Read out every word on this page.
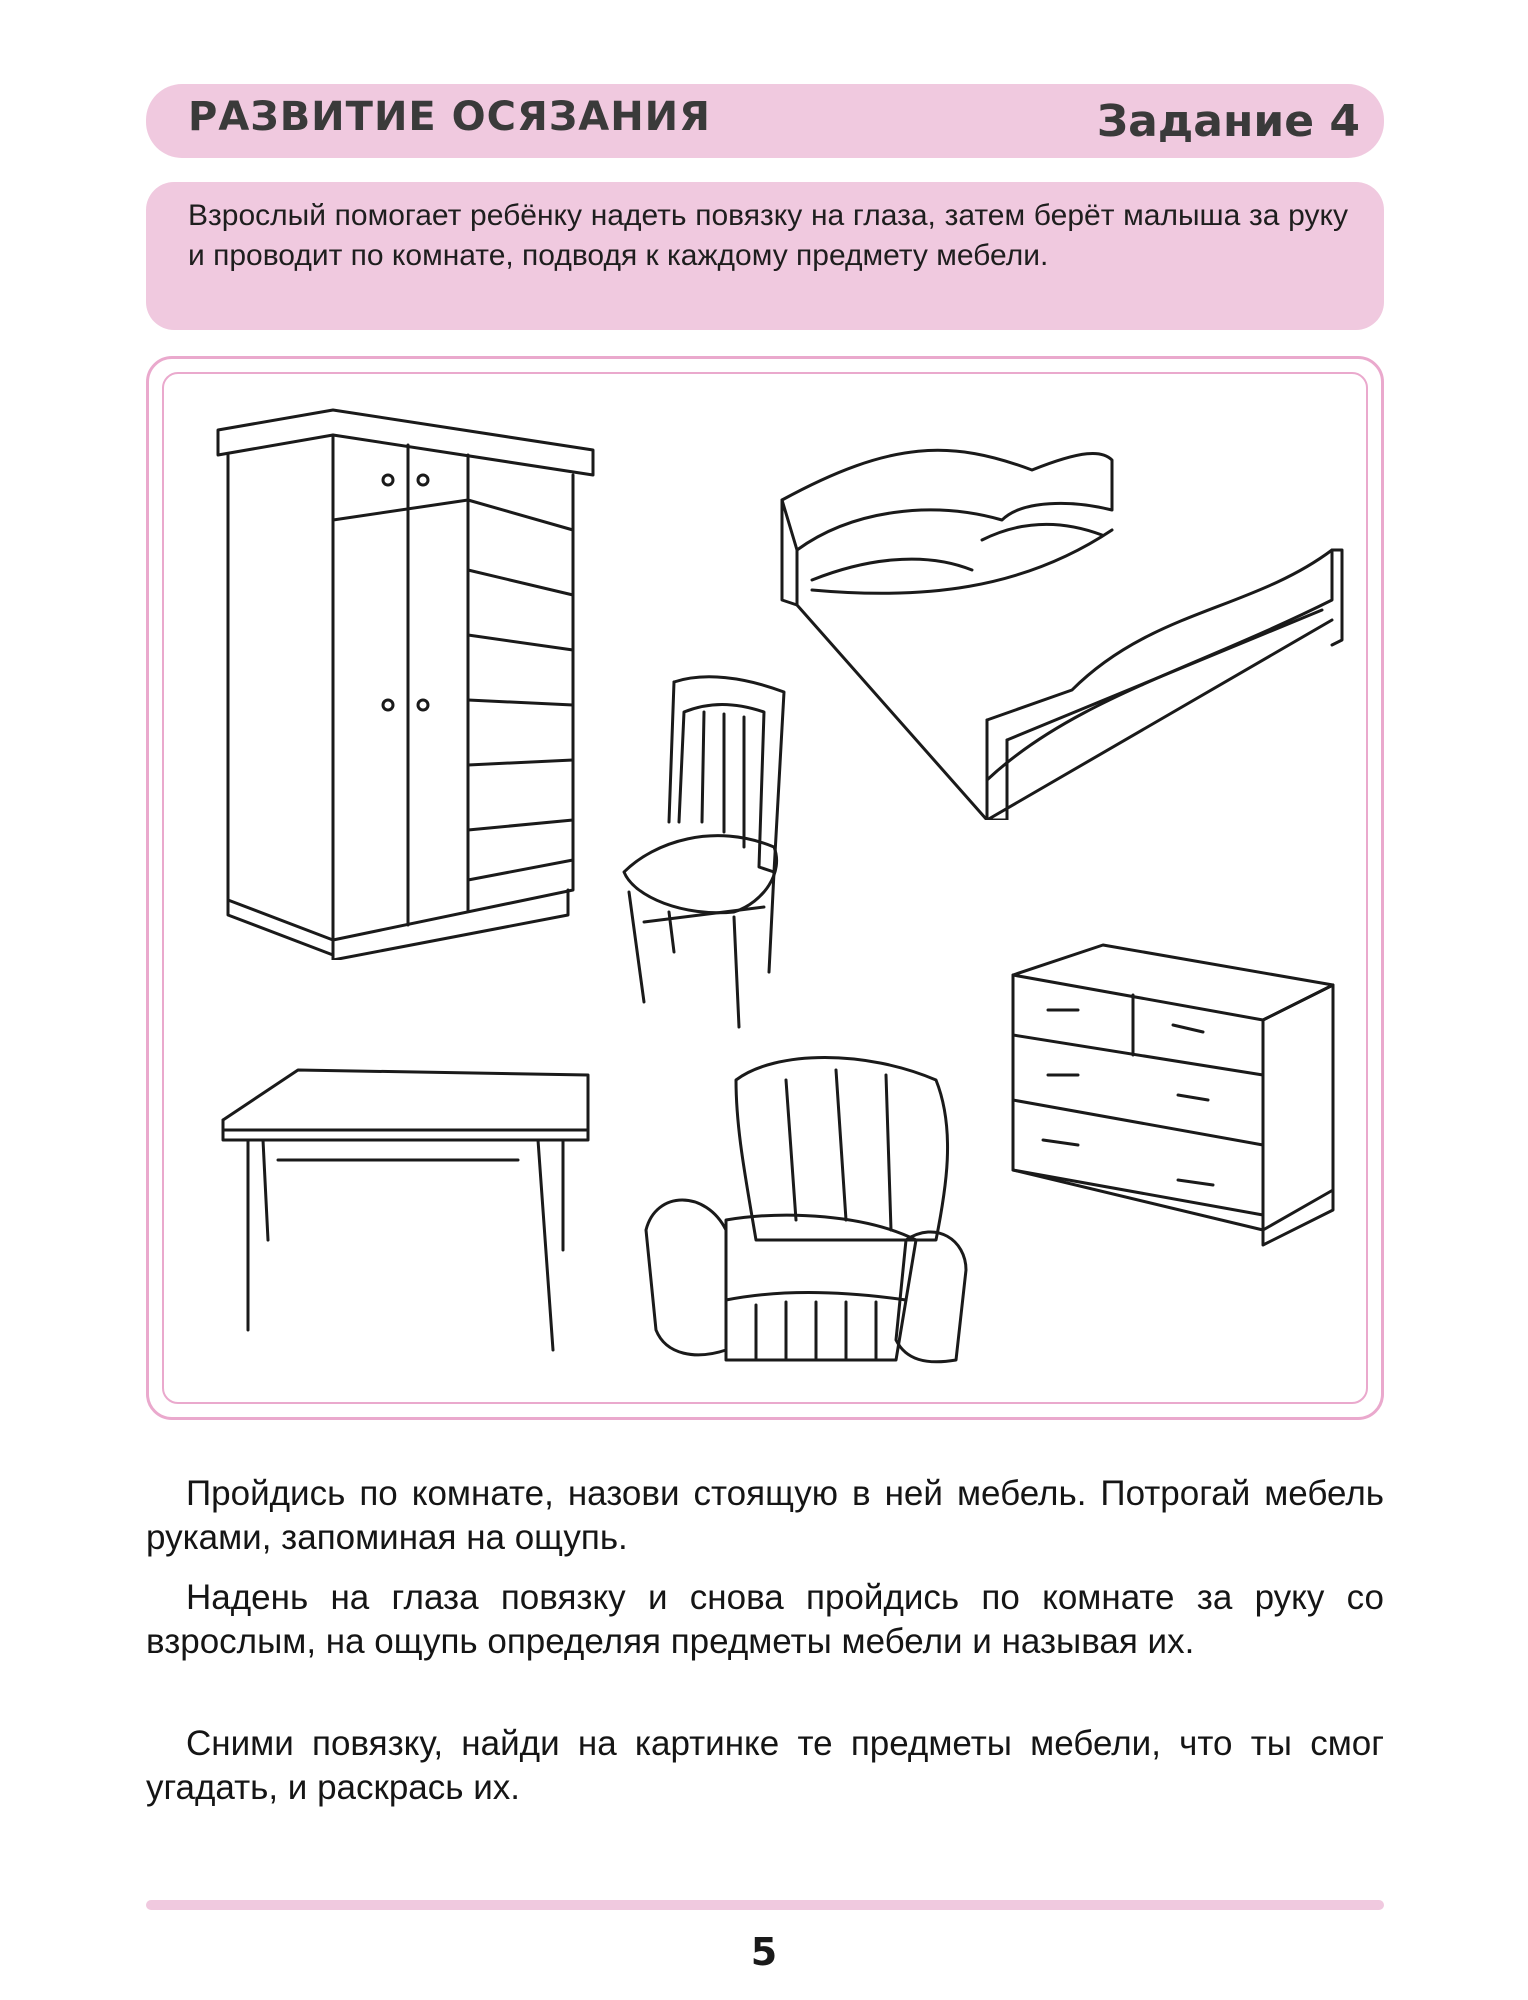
РАЗВИТИЕ ОСЯЗАНИЯ	Задание 4
Взрослый помогает ребёнку надеть повязку на глаза, затем берёт малыша за руку и проводит по комнате, подводя к каждому предмету мебели.
Пройдись по комнате, назови стоящую в ней мебель. Потрогай мебель руками, запоминая на ощупь.
Надень на глаза повязку и снова пройдись по комнате за руку со взрослым, на ощупь определяя предметы мебели и называя их.
Сними повязку, найди на картинке те предметы мебели, что ты смог угадать, и раскрась их.
5
